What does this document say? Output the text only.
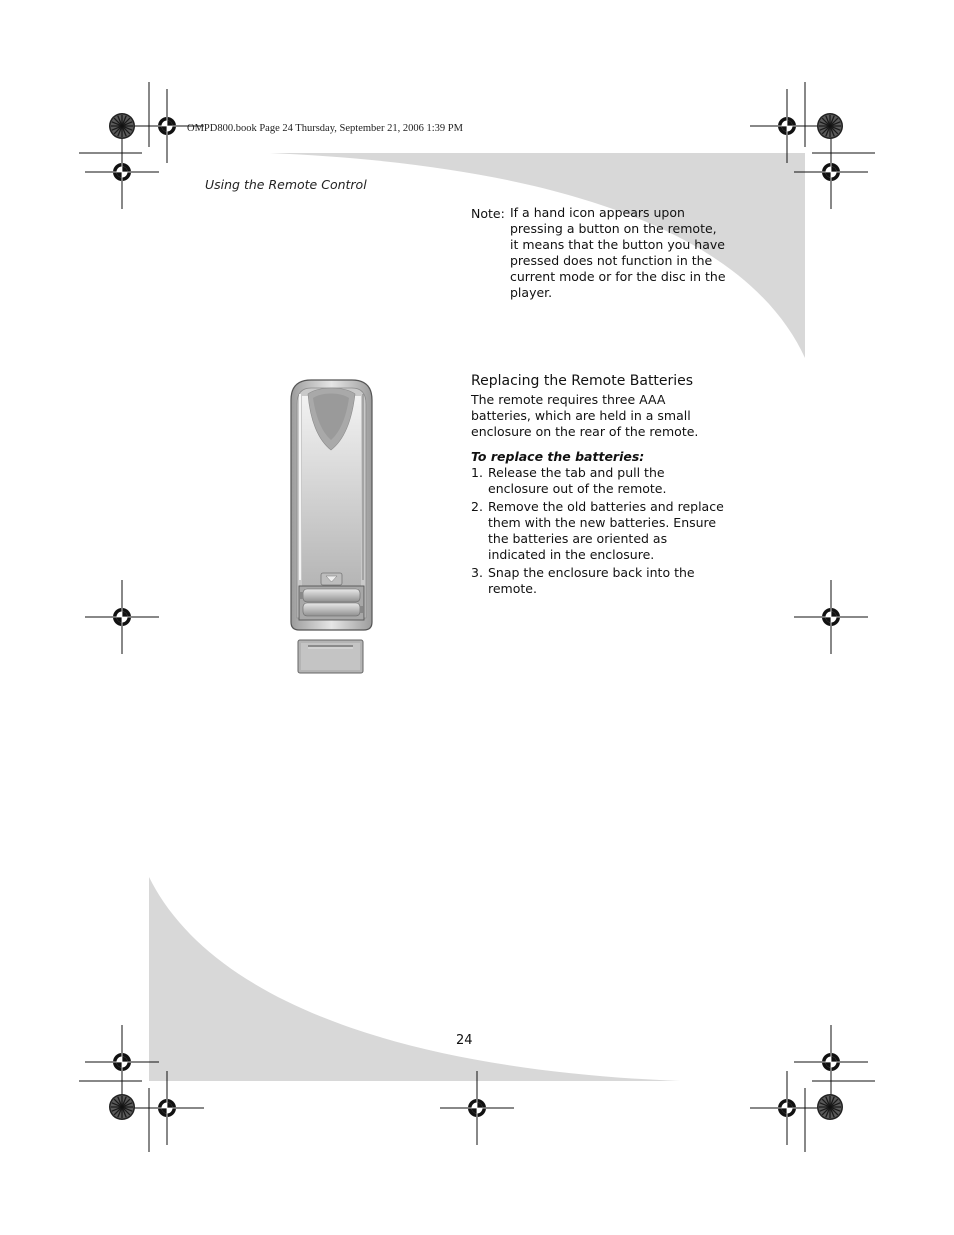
OMPD800.book Page 24 Thursday, September 21, 2006 1:39 PM
Using the Remote Control
Note: If a hand icon appears upon pressing a button on the remote, it means that the button you have pressed does not function in the current mode or for the disc in the player.
Replacing the Remote Batteries
The remote requires three AAA batteries, which are held in a small enclosure on the rear of the remote.
To replace the batteries:
1. Release the tab and pull the enclosure out of the remote.
2. Remove the old batteries and replace them with the new batteries. Ensure the batteries are oriented as indicated in the enclosure.
3. Snap the enclosure back into the remote.
24
